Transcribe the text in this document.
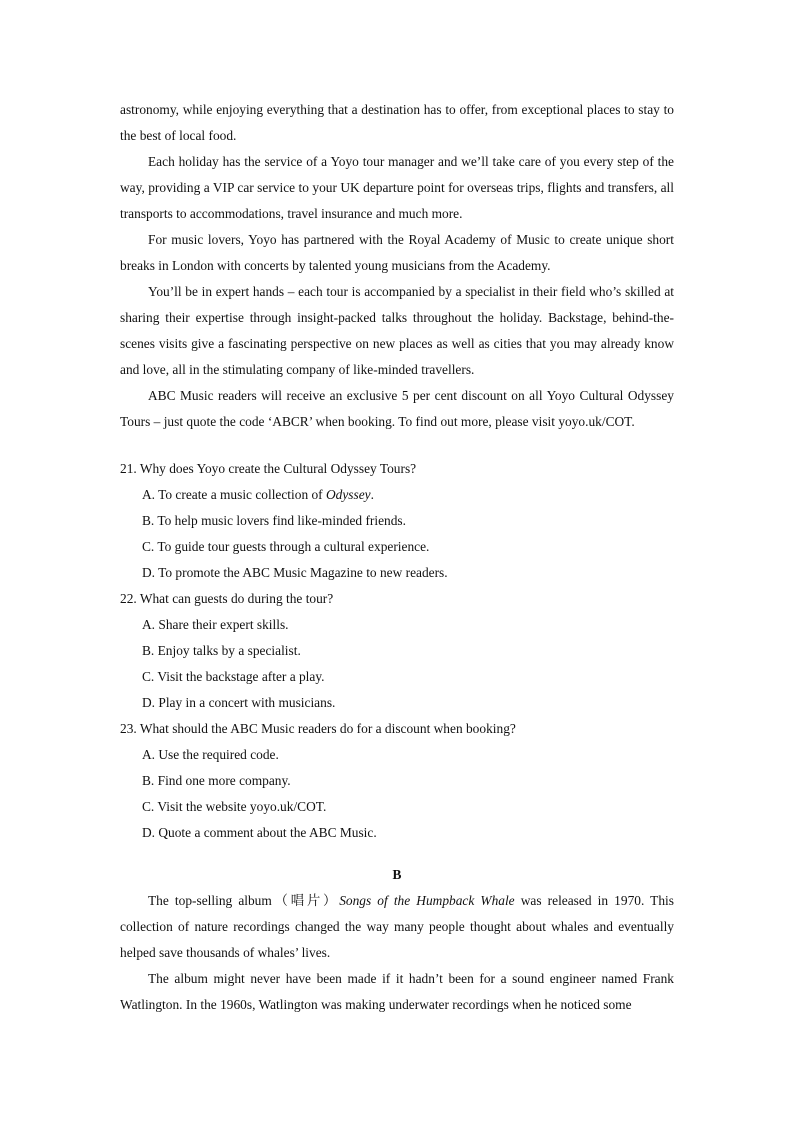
astronomy, while enjoying everything that a destination has to offer, from exceptional places to stay to the best of local food.

Each holiday has the service of a Yoyo tour manager and we’ll take care of you every step of the way, providing a VIP car service to your UK departure point for overseas trips, flights and transfers, all transports to accommodations, travel insurance and much more.

For music lovers, Yoyo has partnered with the Royal Academy of Music to create unique short breaks in London with concerts by talented young musicians from the Academy.

You’ll be in expert hands – each tour is accompanied by a specialist in their field who’s skilled at sharing their expertise through insight-packed talks throughout the holiday. Backstage, behind-the-scenes visits give a fascinating perspective on new places as well as cities that you may already know and love, all in the stimulating company of like-minded travellers.

ABC Music readers will receive an exclusive 5 per cent discount on all Yoyo Cultural Odyssey Tours – just quote the code ‘ABCR’ when booking. To find out more, please visit yoyo.uk/COT.

21. Why does Yoyo create the Cultural Odyssey Tours?

A. To create a music collection of Odyssey.

B. To help music lovers find like-minded friends.

C. To guide tour guests through a cultural experience.

D. To promote the ABC Music Magazine to new readers.

22. What can guests do during the tour?

A. Share their expert skills.

B. Enjoy talks by a specialist.

C. Visit the backstage after a play.

D. Play in a concert with musicians.

23. What should the ABC Music readers do for a discount when booking?

A. Use the required code.

B. Find one more company.

C. Visit the website yoyo.uk/COT.

D. Quote a comment about the ABC Music.

B

The top-selling album（唱片）Songs of the Humpback Whale was released in 1970. This collection of nature recordings changed the way many people thought about whales and eventually helped save thousands of whales’ lives.

The album might never have been made if it hadn’t been for a sound engineer named Frank Watlington. In the 1960s, Watlington was making underwater recordings when he noticed some
